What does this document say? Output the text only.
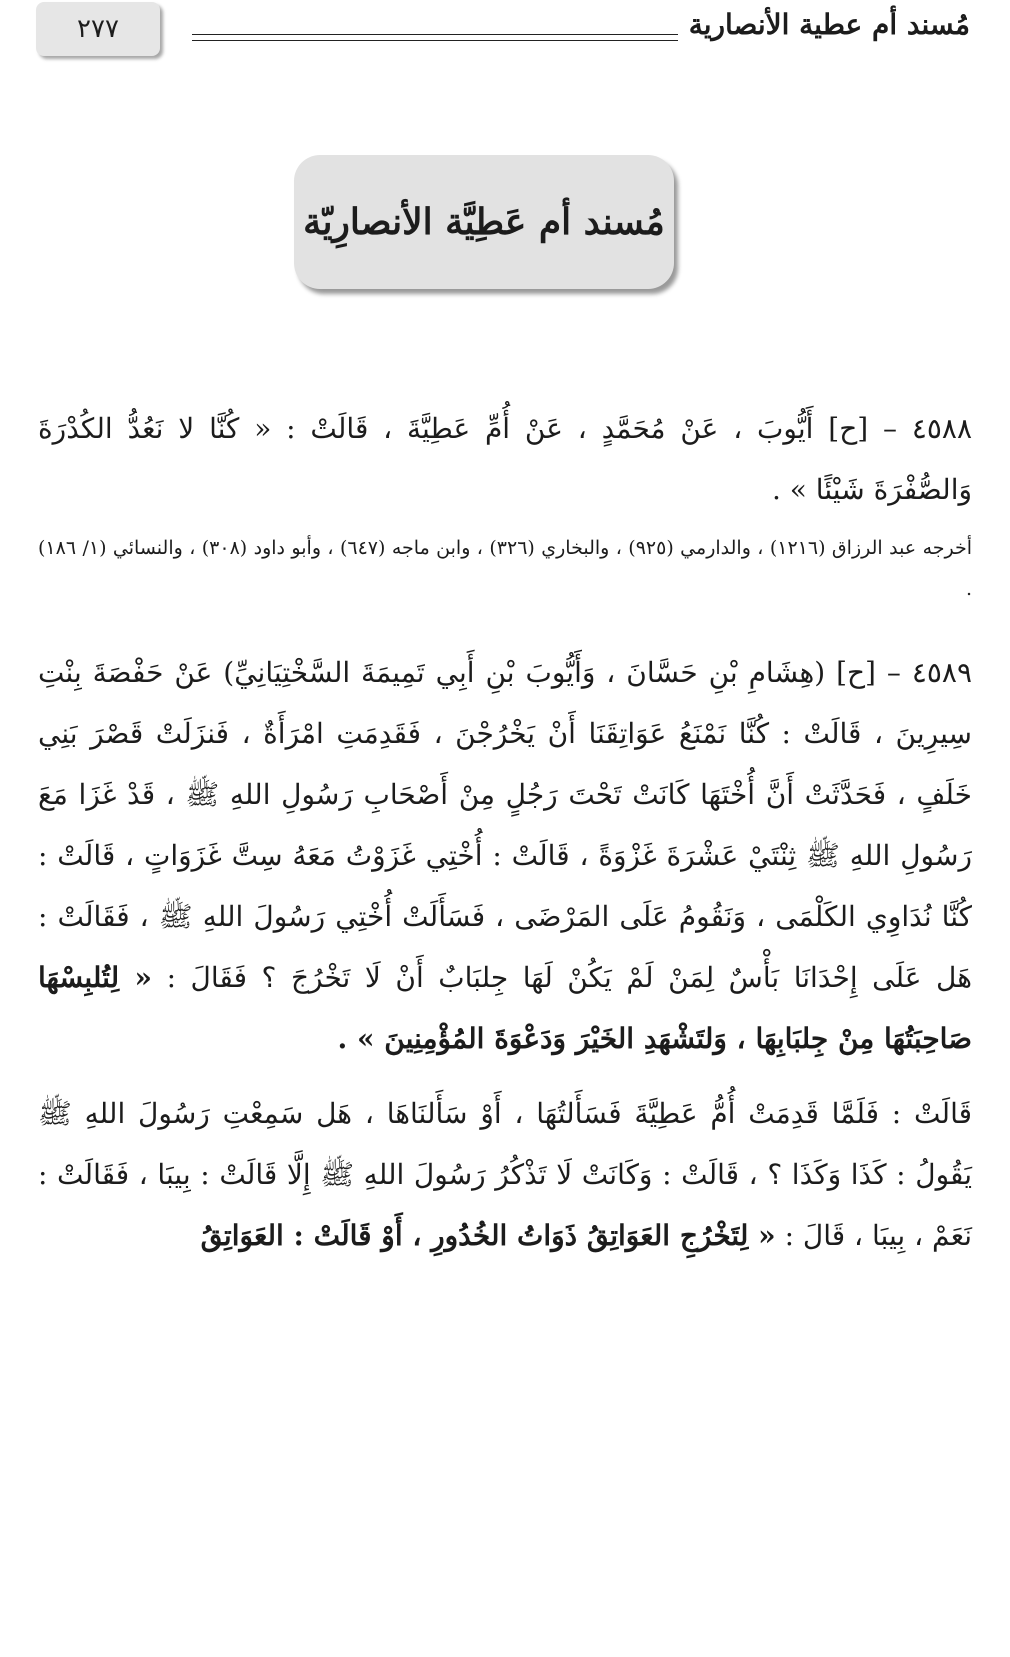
٢٧٧	مُسند أم عطية الأنصارية
مُسند أم عَطِيَّة الأنصارِيّة

٤٥٨٨ – [ح] أَيُّوبَ ، عَنْ مُحَمَّدٍ ، عَنْ أُمِّ عَطِيَّةَ ، قَالَتْ : « كُنَّا لا نَعُدُّ الكُدْرَةَ وَالصُّفْرَةَ شَيْئًا » .

أخرجه عبد الرزاق (١٢١٦) ، والدارمي (٩٢٥) ، والبخاري (٣٢٦) ، وابن ماجه (٦٤٧) ، وأبو داود (٣٠٨) ، والنسائي (١/ ١٨٦) .

٤٥٨٩ – [ح] (هِشَامِ بْنِ حَسَّانَ ، وَأَيُّوبَ بْنِ أَبِي تَمِيمَةَ السَّخْتِيَانِيِّ) عَنْ حَفْصَةَ بِنْتِ سِيرِينَ ، قَالَتْ : كُنَّا نَمْنَعُ عَوَاتِقَنَا أَنْ يَخْرُجْنَ ، فَقَدِمَتِ امْرَأَةٌ ، فَنزَلَتْ قَصْرَ بَنِي خَلَفٍ ، فَحَدَّثَتْ أَنَّ أُخْتَهَا كَانَتْ تَحْتَ رَجُلٍ مِنْ أَصْحَابِ رَسُولِ اللهِ ﷺ ، قَدْ غَزَا مَعَ رَسُولِ اللهِ ﷺ ثِنْتَيْ عَشْرَةَ غَزْوَةً ، قَالَتْ : أُخْتِي غَزَوْتُ مَعَهُ سِتَّ غَزَوَاتٍ ، قَالَتْ : كُنَّا نُدَاوِي الكَلْمَى ، وَنَقُومُ عَلَى المَرْضَى ، فَسَأَلَتْ أُخْتِي رَسُولَ اللهِ ﷺ ، فَقَالَتْ : هَل عَلَى إِحْدَانَا بَأْسٌ لِمَنْ لَمْ يَكُنْ لَهَا جِلبَابٌ أَنْ لَا تَخْرُجَ ؟ فَقَالَ : « لِتُلبِسْهَا صَاحِبَتُهَا مِنْ جِلبَابِهَا ، وَلتَشْهَدِ الخَيْرَ وَدَعْوَةَ المُؤْمِنِينَ » .

قَالَتْ : فَلَمَّا قَدِمَتْ أُمُّ عَطِيَّةَ فَسَأَلتُهَا ، أَوْ سَأَلنَاهَا ، هَل سَمِعْتِ رَسُولَ اللهِ ﷺ يَقُولُ : كَذَا وَكَذَا ؟ ، قَالَتْ : وَكَانَتْ لَا تَذْكُرُ رَسُولَ اللهِ ﷺ إِلَّا قَالَتْ : بِيبَا ، فَقَالَتْ : نَعَمْ ، بِيبَا ، قَالَ : « لِتَخْرُجِ العَوَاتِقُ ذَوَاتُ الخُدُورِ ، أَوْ قَالَتْ : العَوَاتِقُ
